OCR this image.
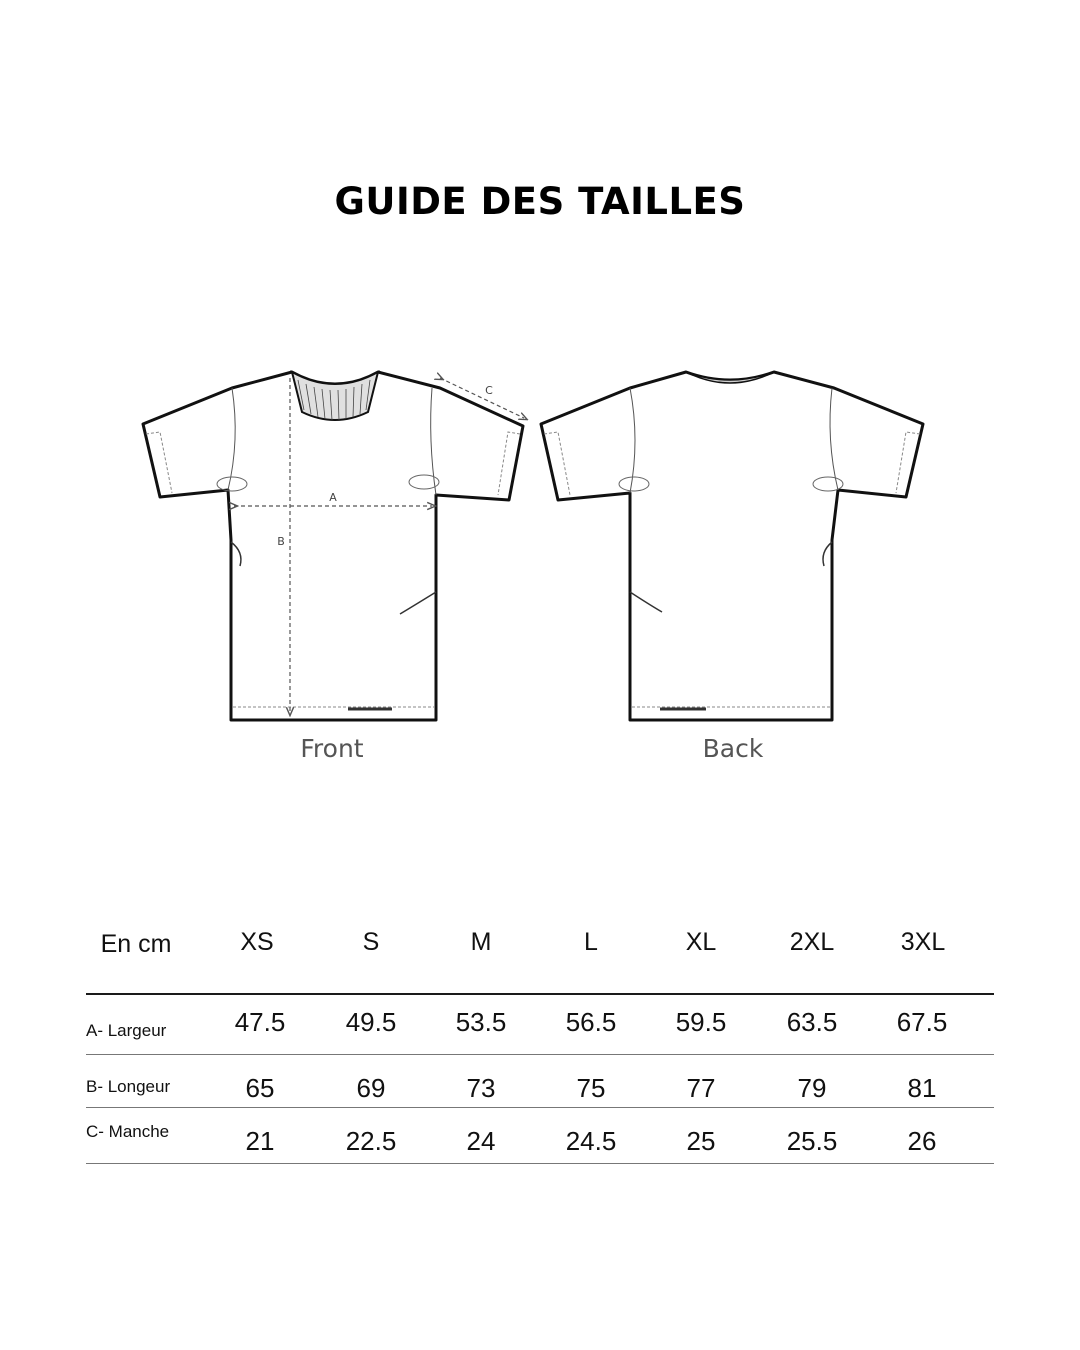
GUIDE DES TAILLES
A
B
C
Front	Back
En cm	XS	S	M	L	XL	2XL	3XL
A- Largeur	47.5	49.5	53.5	56.5	59.5	63.5	67.5
B- Longeur	65	69	73	75	77	79	81
C- Manche	21	22.5	24	24.5	25	25.5	26
